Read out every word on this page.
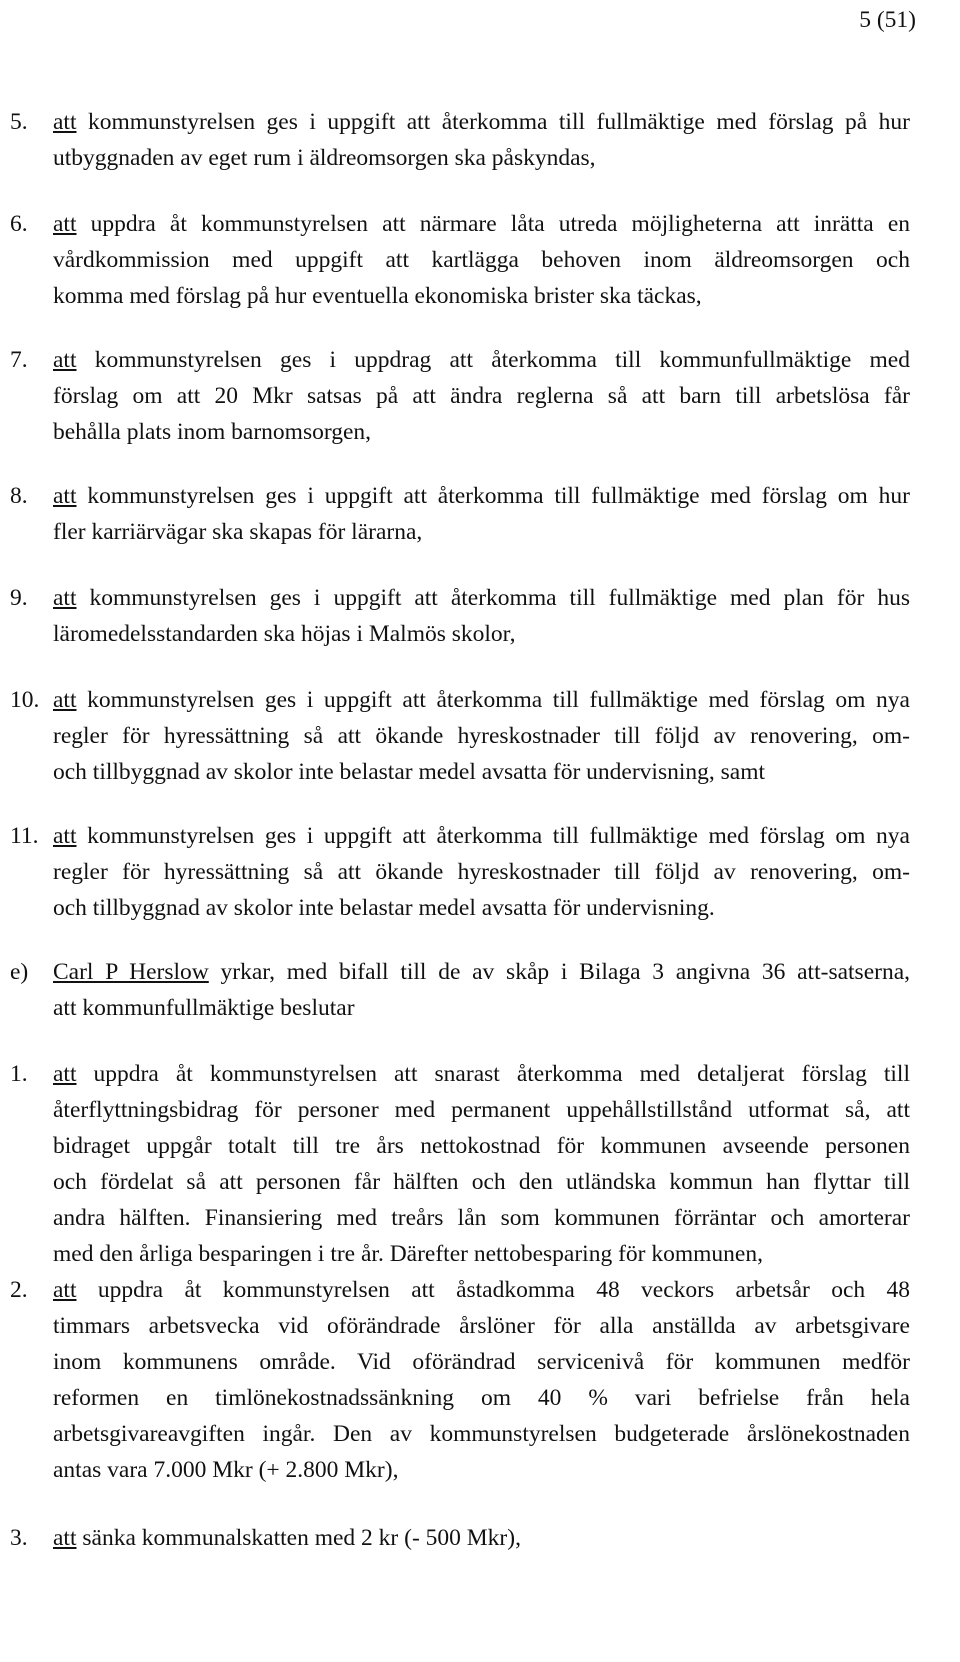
5 (51)
5. att kommunstyrelsen ges i uppgift att återkomma till fullmäktige med förslag på hur
utbyggnaden av eget rum i äldreomsorgen ska påskyndas,
6. att uppdra åt kommunstyrelsen att närmare låta utreda möjligheterna att inrätta en
vårdkommission med uppgift att kartlägga behoven inom äldreomsorgen och
komma med förslag på hur eventuella ekonomiska brister ska täckas,
7. att kommunstyrelsen ges i uppdrag att återkomma till kommunfullmäktige med
förslag om att 20 Mkr satsas på att ändra reglerna så att barn till arbetslösa får
behålla plats inom barnomsorgen,
8. att kommunstyrelsen ges i uppgift att återkomma till fullmäktige med förslag om hur
fler karriärvägar ska skapas för lärarna,
9. att kommunstyrelsen ges i uppgift att återkomma till fullmäktige med plan för hus
läromedelsstandarden ska höjas i Malmös skolor,
10. att kommunstyrelsen ges i uppgift att återkomma till fullmäktige med förslag om nya
regler för hyressättning så att ökande hyreskostnader till följd av renovering, om-
och tillbyggnad av skolor inte belastar medel avsatta för undervisning, samt
11. att kommunstyrelsen ges i uppgift att återkomma till fullmäktige med förslag om nya
regler för hyressättning så att ökande hyreskostnader till följd av renovering, om-
och tillbyggnad av skolor inte belastar medel avsatta för undervisning.
e) Carl P Herslow yrkar, med bifall till de av skåp i Bilaga 3 angivna 36 att-satserna,
att kommunfullmäktige beslutar
1. att uppdra åt kommunstyrelsen att snarast återkomma med detaljerat förslag till
återflyttningsbidrag för personer med permanent uppehållstillstånd utformat så, att
bidraget uppgår totalt till tre års nettokostnad för kommunen avseende personen
och fördelat så att personen får hälften och den utländska kommun han flyttar till
andra hälften. Finansiering med treårs lån som kommunen förräntar och amorterar
med den årliga besparingen i tre år. Därefter nettobesparing för kommunen,
2. att uppdra åt kommunstyrelsen att åstadkomma 48 veckors arbetsår och 48
timmars arbetsvecka vid oförändrade årslöner för alla anställda av arbetsgivare
inom kommunens område. Vid oförändrad servicenivå för kommunen medför
reformen en timlönekostnadssänkning om 40 % vari befrielse från hela
arbetsgivareavgiften ingår. Den av kommunstyrelsen budgeterade årslönekostnaden
antas vara 7.000 Mkr (+ 2.800 Mkr),
3. att sänka kommunalskatten med 2 kr (- 500 Mkr),
